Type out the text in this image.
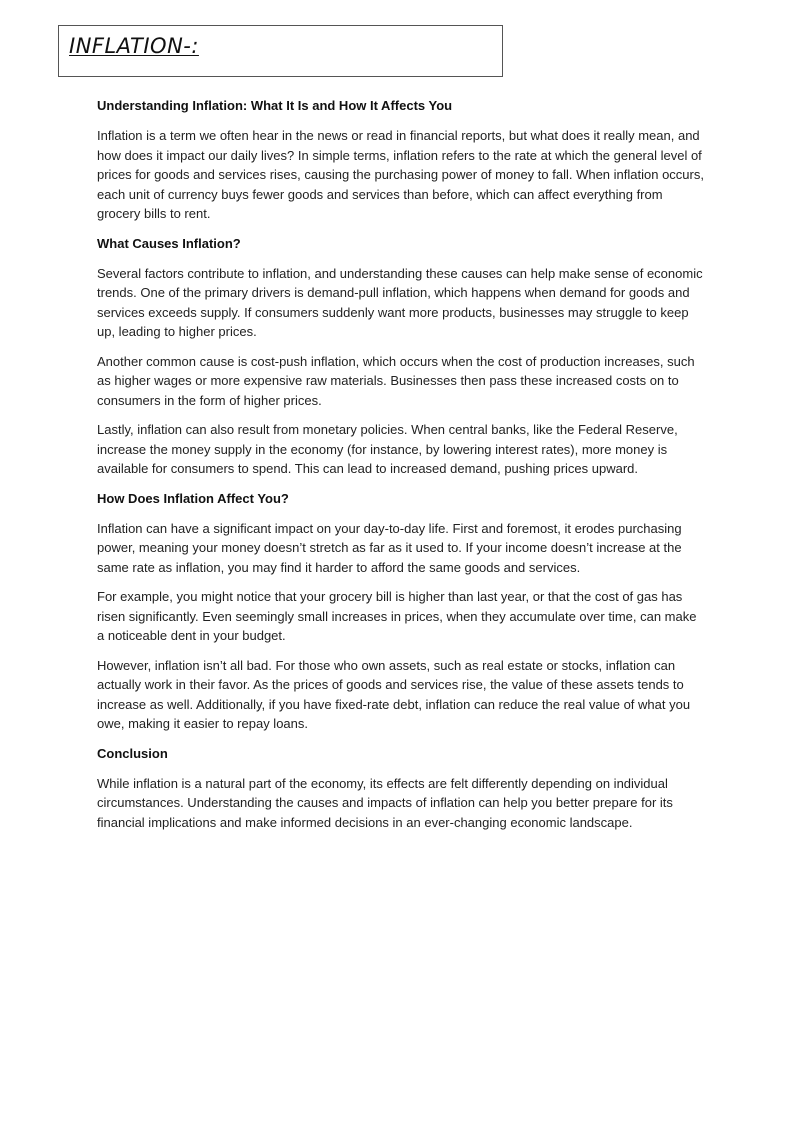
INFLATION-:
Understanding Inflation: What It Is and How It Affects You

Inflation is a term we often hear in the news or read in financial reports, but what does it really mean, and how does it impact our daily lives? In simple terms, inflation refers to the rate at which the general level of prices for goods and services rises, causing the purchasing power of money to fall. When inflation occurs, each unit of currency buys fewer goods and services than before, which can affect everything from grocery bills to rent.

What Causes Inflation?

Several factors contribute to inflation, and understanding these causes can help make sense of economic trends. One of the primary drivers is demand-pull inflation, which happens when demand for goods and services exceeds supply. If consumers suddenly want more products, businesses may struggle to keep up, leading to higher prices.

Another common cause is cost-push inflation, which occurs when the cost of production increases, such as higher wages or more expensive raw materials. Businesses then pass these increased costs on to consumers in the form of higher prices.

Lastly, inflation can also result from monetary policies. When central banks, like the Federal Reserve, increase the money supply in the economy (for instance, by lowering interest rates), more money is available for consumers to spend. This can lead to increased demand, pushing prices upward.

How Does Inflation Affect You?

Inflation can have a significant impact on your day-to-day life. First and foremost, it erodes purchasing power, meaning your money doesn’t stretch as far as it used to. If your income doesn’t increase at the same rate as inflation, you may find it harder to afford the same goods and services.

For example, you might notice that your grocery bill is higher than last year, or that the cost of gas has risen significantly. Even seemingly small increases in prices, when they accumulate over time, can make a noticeable dent in your budget.

However, inflation isn’t all bad. For those who own assets, such as real estate or stocks, inflation can actually work in their favor. As the prices of goods and services rise, the value of these assets tends to increase as well. Additionally, if you have fixed-rate debt, inflation can reduce the real value of what you owe, making it easier to repay loans.

Conclusion

While inflation is a natural part of the economy, its effects are felt differently depending on individual circumstances. Understanding the causes and impacts of inflation can help you better prepare for its financial implications and make informed decisions in an ever-changing economic landscape.
